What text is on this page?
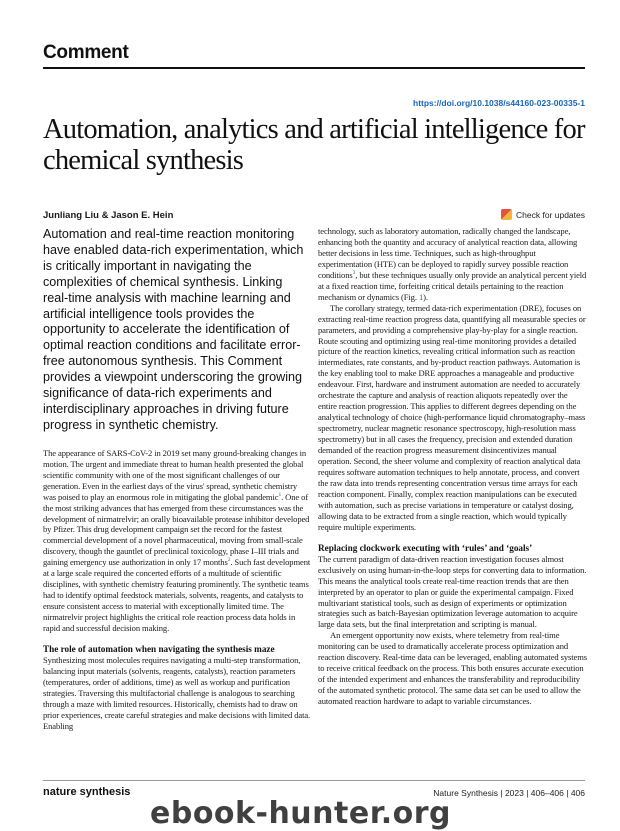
Comment
https://doi.org/10.1038/s44160-023-00335-1
Automation, analytics and artificial intelligence for chemical synthesis
Junliang Liu & Jason E. Hein	Check for updates

Automation and real-time reaction monitoring have enabled data-rich experimentation, which is critically important in navigating the complexities of chemical synthesis. Linking real-time analysis with machine learning and artificial intelligence tools provides the opportunity to accelerate the identification of optimal reaction conditions and facilitate error-free autonomous synthesis. This Comment provides a viewpoint underscoring the growing significance of data-rich experiments and interdisciplinary approaches in driving future progress in synthetic chemistry.

The appearance of SARS-CoV-2 in 2019 set many ground-breaking changes in motion. The urgent and immediate threat to human health presented the global scientific community with one of the most significant challenges of our generation. Even in the earliest days of the virus' spread, synthetic chemistry was poised to play an enormous role in mitigating the global pandemic$^1$. One of the most striking advances that has emerged from these circumstances was the development of nirmatrelvir; an orally bioavailable protease inhibitor developed by Pfizer. This drug development campaign set the record for the fastest commercial development of a novel pharmaceutical, moving from small-scale discovery, though the gauntlet of preclinical toxicology, phase I–III trials and gaining emergency use authorization in only 17 months$^2$. Such fast development at a large scale required the concerted efforts of a multitude of scientific disciplines, with synthetic chemistry featuring prominently. The synthetic teams had to identify optimal feedstock materials, solvents, reagents, and catalysts to ensure consistent access to material with exceptionally limited time. The nirmatrelvir project highlights the critical role reaction process data holds in rapid and successful decision making.

The role of automation when navigating the synthesis maze

Synthesizing most molecules requires navigating a multi-step transformation, balancing input materials (solvents, reagents, catalysts), reaction parameters (temperatures, order of additions, time) as well as workup and purification strategies. Traversing this multifactorial challenge is analogous to searching through a maze with limited resources. Historically, chemists had to draw on prior experiences, create careful strategies and make decisions with limited data. Enabling

technology, such as laboratory automation, radically changed the landscape, enhancing both the quantity and accuracy of analytical reaction data, allowing better decisions in less time. Techniques, such as high-throughput experimentation (HTE) can be deployed to rapidly survey possible reaction conditions$^3$, but these techniques usually only provide an analytical percent yield at a fixed reaction time, forfeiting critical details pertaining to the reaction mechanism or dynamics (Fig. 1).

The corollary strategy, termed data-rich experimentation (DRE), focuses on extracting real-time reaction progress data, quantifying all measurable species or parameters, and providing a comprehensive play-by-play for a single reaction. Route scouting and optimizing using real-time monitoring provides a detailed picture of the reaction kinetics, revealing critical information such as reaction intermediates, rate constants, and by-product reaction pathways. Automation is the key enabling tool to make DRE approaches a manageable and productive endeavour. First, hardware and instrument automation are needed to accurately orchestrate the capture and analysis of reaction aliquots repeatedly over the entire reaction progression. This applies to different degrees depending on the analytical technology of choice (high-performance liquid chromatography–mass spectrometry, nuclear magnetic resonance spectroscopy, high-resolution mass spectrometry) but in all cases the frequency, precision and extended duration demanded of the reaction progress measurement disincentivizes manual operation. Second, the sheer volume and complexity of reaction analytical data requires software automation techniques to help annotate, process, and convert the raw data into trends representing concentration versus time arrays for each reaction component. Finally, complex reaction manipulations can be executed with automation, such as precise variations in temperature or catalyst dosing, allowing data to be extracted from a single reaction, which would typically require multiple experiments.

Replacing clockwork executing with ‘rules’ and ‘goals’

The current paradigm of data-driven reaction investigation focuses almost exclusively on using human-in-the-loop steps for converting data to information. This means the analytical tools create real-time reaction trends that are then interpreted by an operator to plan or guide the experimental campaign. Fixed multivariant statistical tools, such as design of experiments or optimization strategies such as batch-Bayesian optimization leverage automation to acquire large data sets, but the final interpretation and scripting is manual.

An emergent opportunity now exists, where telemetry from real-time monitoring can be used to dramatically accelerate process optimization and reaction discovery. Real-time data can be leveraged, enabling automated systems to receive critical feedback on the process. This both ensures accurate execution of the intended experiment and enhances the transferability and reproducibility of the automated synthetic protocol. The same data set can be used to allow the automated reaction hardware to adapt to variable circumstances.

nature synthesis	Nature Synthesis | 2023 | 406–406 | 406
ebook-hunter.org
